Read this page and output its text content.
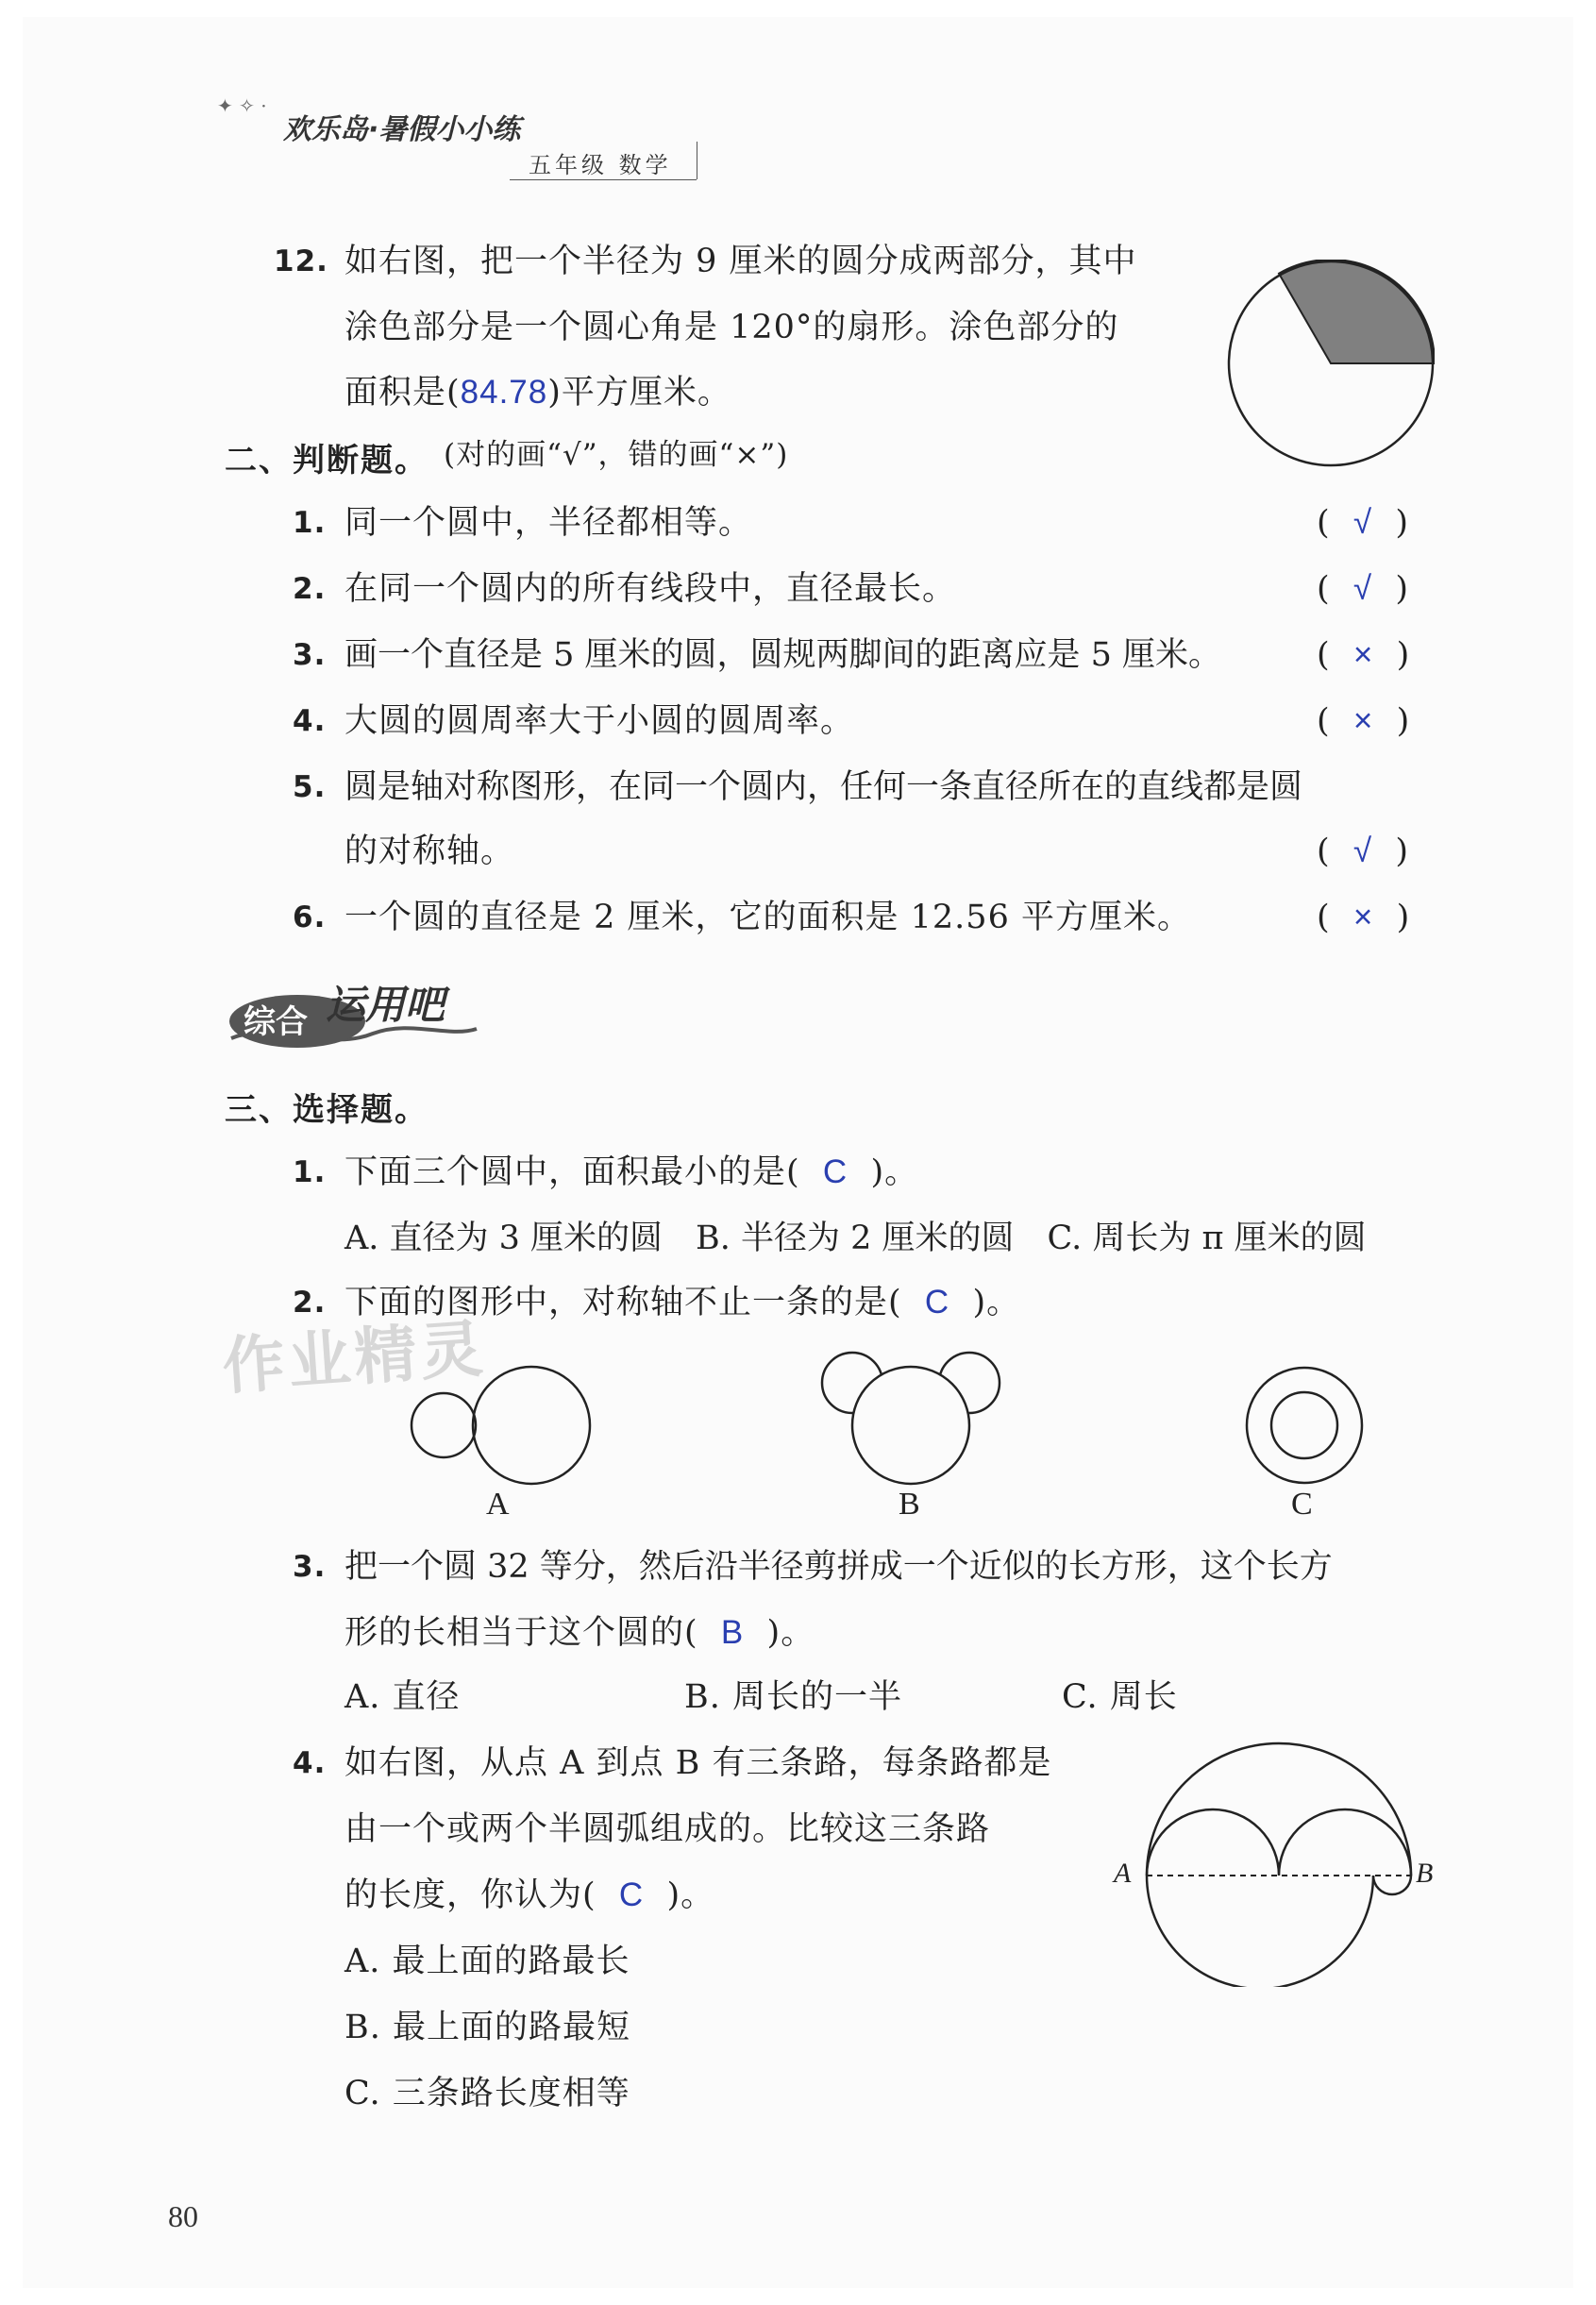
✦ ✧ ·
欢乐岛·暑假小小练
五年级 数学
12. 如右图，把一个半径为 9 厘米的圆分成两部分，其中
涂色部分是一个圆心角是 120°的扇形。涂色部分的
面积是(84.78)平方厘米。
二、判断题。 (对的画“√”，错的画“×”)
1. 同一个圆中，半径都相等。	(  √  )
2. 在同一个圆内的所有线段中，直径最长。	(  √  )
3. 画一个直径是 5 厘米的圆，圆规两脚间的距离应是 5 厘米。	(  ×  )
4. 大圆的圆周率大于小圆的圆周率。	(  ×  )
5. 圆是轴对称图形，在同一个圆内，任何一条直径所在的直线都是圆
的对称轴。	(  √  )
6. 一个圆的直径是 2 厘米，它的面积是 12.56 平方厘米。	(  ×  )
综合 运用吧
三、选择题。
1. 下面三个圆中，面积最小的是( C )。
A. 直径为 3 厘米的圆　B. 半径为 2 厘米的圆　C. 周长为 π 厘米的圆
2. 下面的图形中，对称轴不止一条的是( C )。
作业精灵
A	B	C
3. 把一个圆 32 等分，然后沿半径剪拼成一个近似的长方形，这个长方
形的长相当于这个圆的( B )。
A. 直径	B. 周长的一半	C. 周长
4. 如右图，从点 A 到点 B 有三条路，每条路都是
由一个或两个半圆弧组成的。比较这三条路
的长度，你认为( C )。
A. 最上面的路最长
B. 最上面的路最短
C. 三条路长度相等
A	B
80
